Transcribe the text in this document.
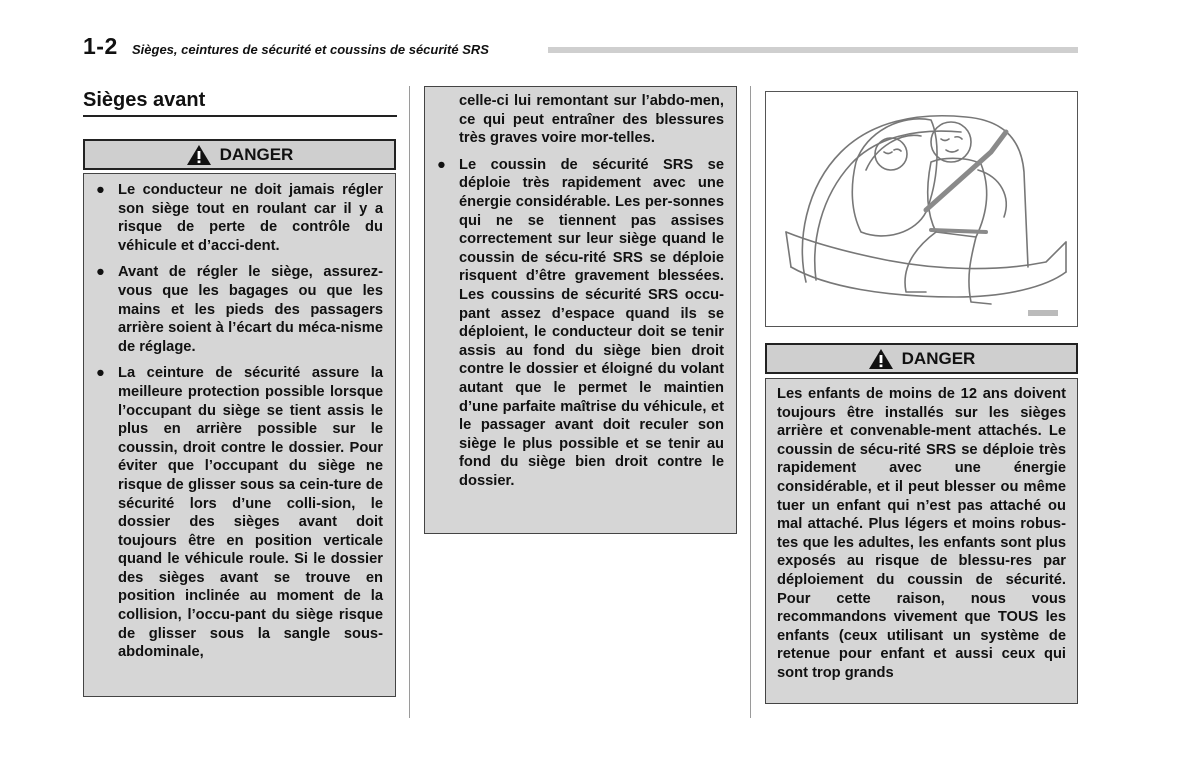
1-2 Sièges, ceintures de sécurité et coussins de sécurité SRS
Sièges avant
DANGER
● Le conducteur ne doit jamais régler son siège tout en roulant car il y a risque de perte de contrôle du véhicule et d’acci-dent.
● Avant de régler le siège, assurez-vous que les bagages ou que les mains et les pieds des passagers arrière soient à l’écart du méca-nisme de réglage.
● La ceinture de sécurité assure la meilleure protection possible lorsque l’occupant du siège se tient assis le plus en arrière possible sur le coussin, droit contre le dossier. Pour éviter que l’occupant du siège ne risque de glisser sous sa cein-ture de sécurité lors d’une colli-sion, le dossier des sièges avant doit toujours être en position verticale quand le véhicule roule. Si le dossier des sièges avant se trouve en position inclinée au moment de la collision, l’occu-pant du siège risque de glisser sous la sangle sous-abdominale,

celle-ci lui remontant sur l’abdo-men, ce qui peut entraîner des blessures très graves voire mor-telles.

● Le coussin de sécurité SRS se déploie très rapidement avec une énergie considérable. Les per-sonnes qui ne se tiennent pas assises correctement sur leur siège quand le coussin de sécu-rité SRS se déploie risquent d’être gravement blessées. Les coussins de sécurité SRS occu-pant assez d’espace quand ils se déploient, le conducteur doit se tenir assis au fond du siège bien droit contre le dossier et éloigné du volant autant que le permet le maintien d’une parfaite maîtrise du véhicule, et le passager avant doit reculer son siège le plus possible et se tenir au fond du siège bien droit contre le dossier.
DANGER

Les enfants de moins de 12 ans doivent toujours être installés sur les sièges arrière et convenable-ment attachés. Le coussin de sécu-rité SRS se déploie très rapidement avec une énergie considérable, et il peut blesser ou même tuer un enfant qui n’est pas attaché ou mal attaché. Plus légers et moins robus-tes que les adultes, les enfants sont plus exposés au risque de blessu-res par déploiement du coussin de sécurité. Pour cette raison, nous vous recommandons vivement que TOUS les enfants (ceux utilisant un système de retenue pour enfant et aussi ceux qui sont trop grands
